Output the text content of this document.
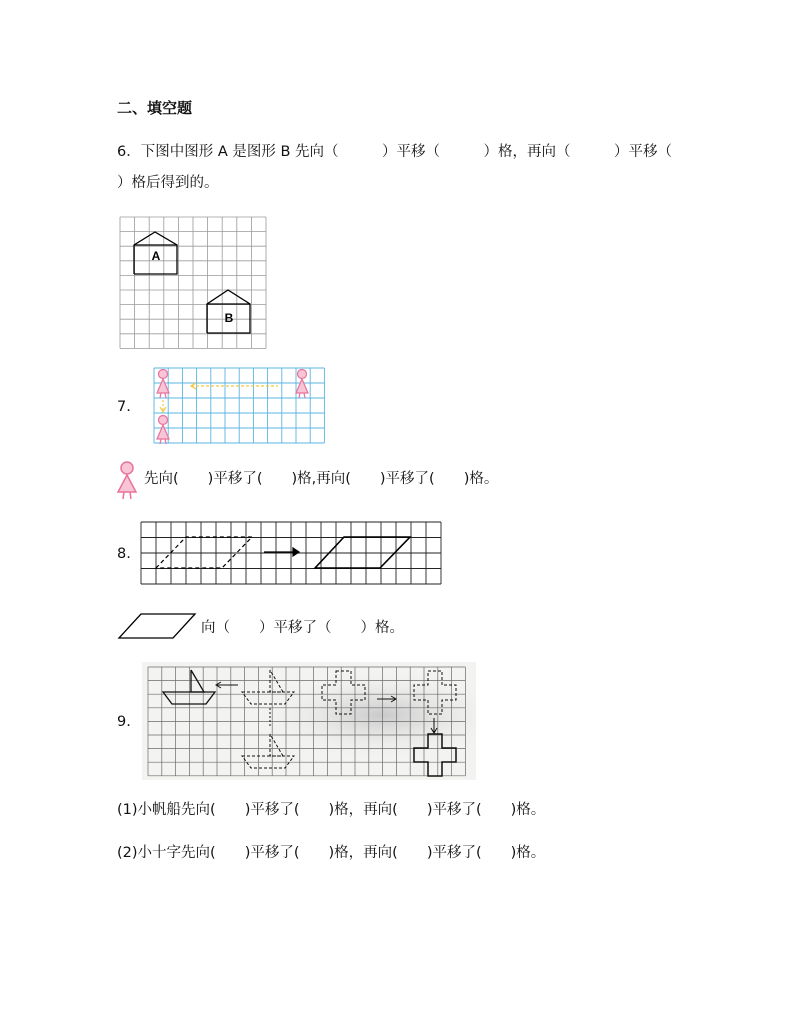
二、填空题
6．下图中图形 A 是图形 B 先向（　　　）平移（　　　）格，再向（　　　）平移（
）格后得到的。
A
B
7.
先向(　　)平移了(　　)格,再向(　　)平移了(　　)格。
8.
向（　　）平移了（　　）格。
9.
(1)小帆船先向(　　)平移了(　　)格，再向(　　)平移了(　　)格。
(2)小十字先向(　　)平移了(　　)格，再向(　　)平移了(　　)格。
